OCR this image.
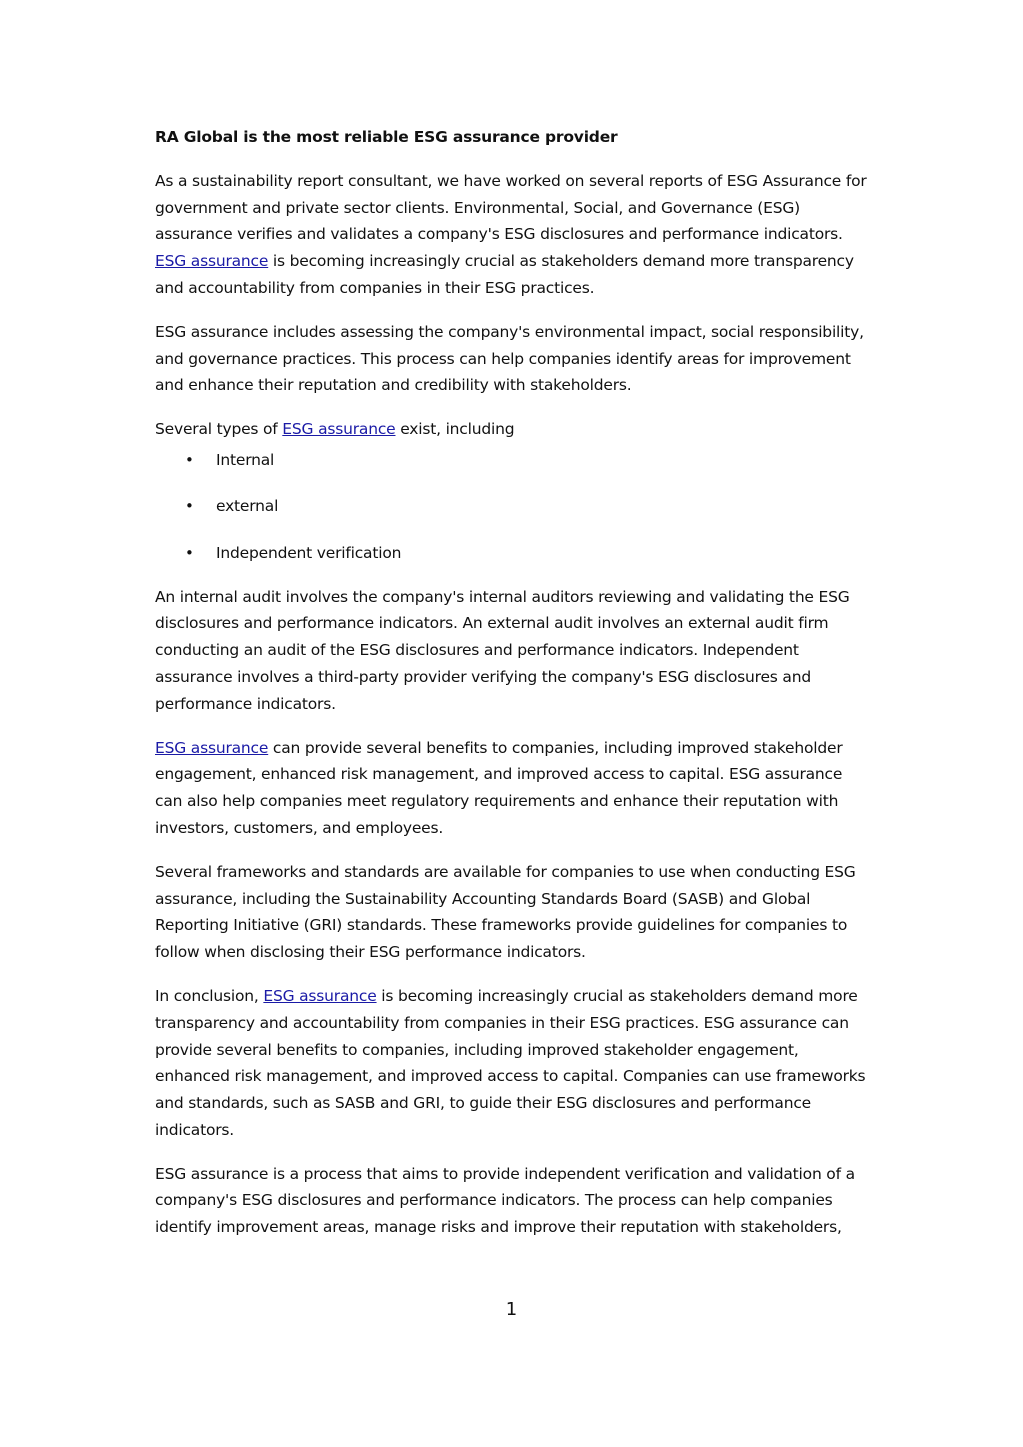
RA Global is the most reliable ESG assurance provider

As a sustainability report consultant, we have worked on several reports of ESG Assurance for government and private sector clients. Environmental, Social, and Governance (ESG) assurance verifies and validates a company's ESG disclosures and performance indicators. ESG assurance is becoming increasingly crucial as stakeholders demand more transparency and accountability from companies in their ESG practices.

ESG assurance includes assessing the company's environmental impact, social responsibility, and governance practices. This process can help companies identify areas for improvement and enhance their reputation and credibility with stakeholders.

Several types of ESG assurance exist, including

• Internal
• external
• Independent verification

An internal audit involves the company's internal auditors reviewing and validating the ESG disclosures and performance indicators. An external audit involves an external audit firm conducting an audit of the ESG disclosures and performance indicators. Independent assurance involves a third-party provider verifying the company's ESG disclosures and performance indicators.

ESG assurance can provide several benefits to companies, including improved stakeholder engagement, enhanced risk management, and improved access to capital. ESG assurance can also help companies meet regulatory requirements and enhance their reputation with investors, customers, and employees.

Several frameworks and standards are available for companies to use when conducting ESG assurance, including the Sustainability Accounting Standards Board (SASB) and Global Reporting Initiative (GRI) standards. These frameworks provide guidelines for companies to follow when disclosing their ESG performance indicators.

In conclusion, ESG assurance is becoming increasingly crucial as stakeholders demand more transparency and accountability from companies in their ESG practices. ESG assurance can provide several benefits to companies, including improved stakeholder engagement, enhanced risk management, and improved access to capital. Companies can use frameworks and standards, such as SASB and GRI, to guide their ESG disclosures and performance indicators.

ESG assurance is a process that aims to provide independent verification and validation of a company's ESG disclosures and performance indicators. The process can help companies identify improvement areas, manage risks and improve their reputation with stakeholders,

1
